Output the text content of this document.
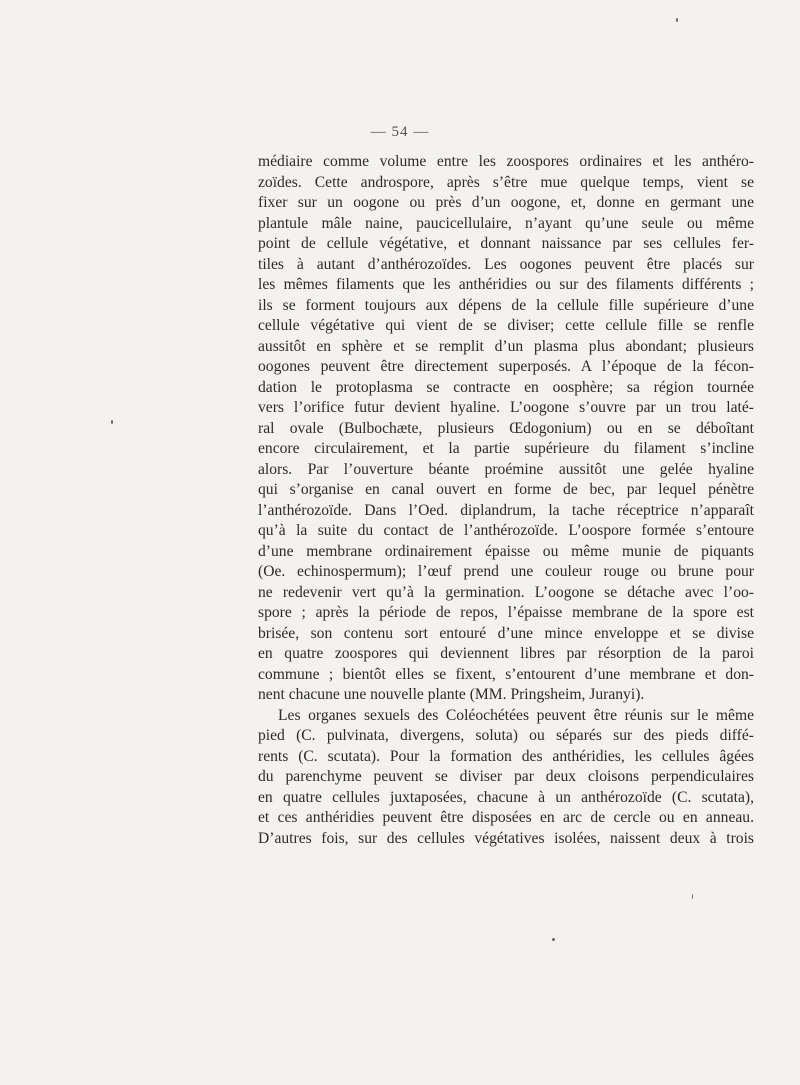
— 54 —
médiaire comme volume entre les zoospores ordinaires et les anthéro-
zoïdes. Cette androspore, après s’être mue quelque temps, vient se
fixer sur un oogone ou près d’un oogone, et, donne en germant une
plantule mâle naine, paucicellulaire, n’ayant qu’une seule ou même
point de cellule végétative, et donnant naissance par ses cellules fer-
tiles à autant d’anthérozoïdes. Les oogones peuvent être placés sur
les mêmes filaments que les anthéridies ou sur des filaments différents ;
ils se forment toujours aux dépens de la cellule fille supérieure d’une
cellule végétative qui vient de se diviser; cette cellule fille se renfle
aussitôt en sphère et se remplit d’un plasma plus abondant; plusieurs
oogones peuvent être directement superposés. A l’époque de la fécon-
dation le protoplasma se contracte en oosphère; sa région tournée
vers l’orifice futur devient hyaline. L’oogone s’ouvre par un trou laté-
ral ovale (Bulbochæte, plusieurs Œdogonium) ou en se déboîtant
encore circulairement, et la partie supérieure du filament s’incline
alors. Par l’ouverture béante proémine aussitôt une gelée hyaline
qui s’organise en canal ouvert en forme de bec, par lequel pénètre
l’anthérozoïde. Dans l’Oed. diplandrum, la tache réceptrice n’apparaît
qu’à la suite du contact de l’anthérozoïde. L’oospore formée s’entoure
d’une membrane ordinairement épaisse ou même munie de piquants
(Oe. echinospermum); l’œuf prend une couleur rouge ou brune pour
ne redevenir vert qu’à la germination. L’oogone se détache avec l’oo-
spore ; après la période de repos, l’épaisse membrane de la spore est
brisée, son contenu sort entouré d’une mince enveloppe et se divise
en quatre zoospores qui deviennent libres par résorption de la paroi
commune ; bientôt elles se fixent, s’entourent d’une membrane et don-
nent chacune une nouvelle plante (MM. Pringsheim, Juranyi).
Les organes sexuels des Coléochétées peuvent être réunis sur le même
pied (C. pulvinata, divergens, soluta) ou séparés sur des pieds diffé-
rents (C. scutata). Pour la formation des anthéridies, les cellules âgées
du parenchyme peuvent se diviser par deux cloisons perpendiculaires
en quatre cellules juxtaposées, chacune à un anthérozoïde (C. scutata),
et ces anthéridies peuvent être disposées en arc de cercle ou en anneau.
D’autres fois, sur des cellules végétatives isolées, naissent deux à trois
